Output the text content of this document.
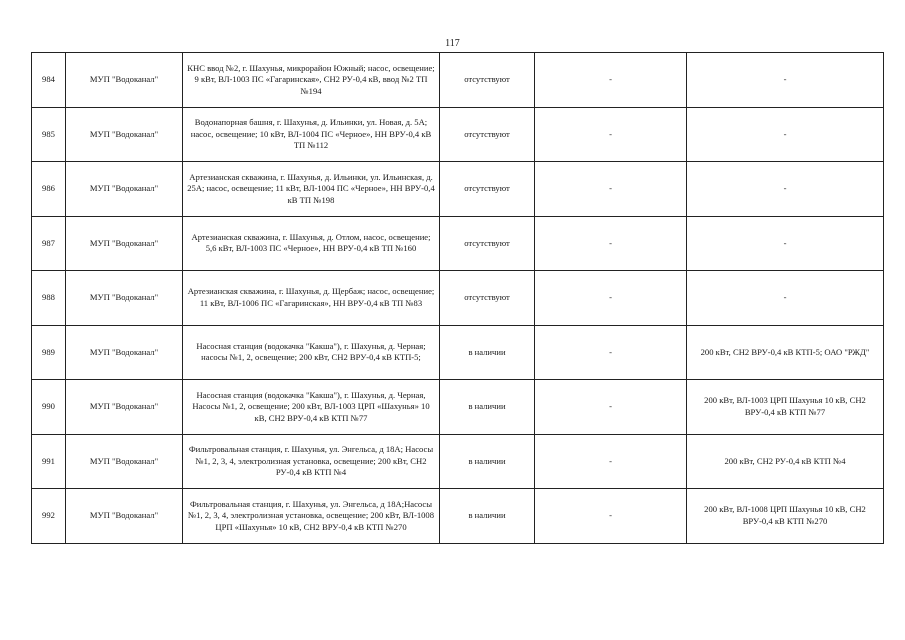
117
984	МУП "Водоканал"	КНС ввод №2, г. Шахунья, микрорайон Южный; насос, освещение; 9 кВт, ВЛ-1003 ПС «Гагаринская», СН2 РУ-0,4 кВ, ввод №2 ТП №194	отсутствуют	-	-
985	МУП "Водоканал"	Водонапорная башня, г. Шахунья, д. Ильинки, ул. Новая, д. 5А; насос, освещение; 10 кВт, ВЛ-1004 ПС «Черное», НН ВРУ-0,4 кВ ТП №112	отсутствуют	-	-
986	МУП "Водоканал"	Артезианская скважина, г. Шахунья, д. Ильинки, ул. Ильинская, д. 25А; насос, освещение; 11 кВт, ВЛ-1004 ПС «Черное», НН ВРУ-0,4 кВ ТП №198	отсутствуют	-	-
987	МУП "Водоканал"	Артезианская скважина, г. Шахунья, д. Отлом, насос, освещение; 5,6 кВт, ВЛ-1003 ПС «Черное», НН ВРУ-0,4 кВ ТП №160	отсутствуют	-	-
988	МУП "Водоканал"	Артезианская скважина, г. Шахунья, д. Щербаж; насос, освещение; 11 кВт, ВЛ-1006 ПС «Гагаринская», НН ВРУ-0,4 кВ ТП №83	отсутствуют	-	-
989	МУП "Водоканал"	Насосная станция (водокачка "Какша"), г. Шахунья, д. Черная; насосы №1, 2, освещение; 200 кВт, СН2 ВРУ-0,4 кВ КТП-5;	в наличии	-	200 кВт, СН2 ВРУ-0,4 кВ КТП-5; ОАО "РЖД"
990	МУП "Водоканал"	Насосная станция (водокачка "Какша"), г. Шахунья, д. Черная, Насосы №1, 2, освещение; 200 кВт, ВЛ-1003 ЦРП «Шахунья» 10 кВ, СН2 ВРУ-0,4 кВ КТП №77	в наличии	-	200 кВт, ВЛ-1003 ЦРП Шахунья 10 кВ, СН2 ВРУ-0,4 кВ КТП №77
991	МУП "Водоканал"	Фильтровальная станция, г. Шахунья, ул. Энгельса, д 18А; Насосы №1, 2, 3, 4, электролизная установка, освещение; 200 кВт, СН2 РУ-0,4 кВ КТП №4	в наличии	-	200 кВт, СН2 РУ-0,4 кВ КТП №4
992	МУП "Водоканал"	Фильтровальная станция, г. Шахунья, ул. Энгельса, д 18А;Насосы №1, 2, 3, 4, электролизная установка, освещение; 200 кВт, ВЛ-1008 ЦРП «Шахунья» 10 кВ, СН2 ВРУ-0,4 кВ КТП №270	в наличии	-	200 кВт, ВЛ-1008 ЦРП Шахунья 10 кВ, СН2 ВРУ-0,4 кВ КТП №270
